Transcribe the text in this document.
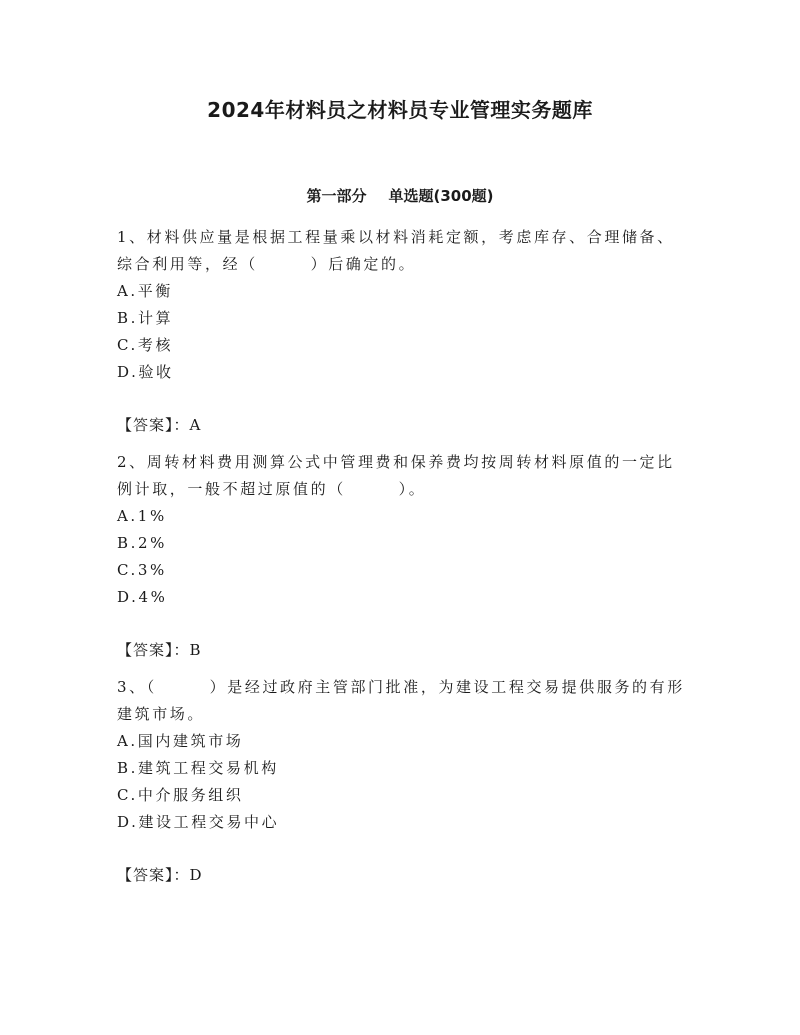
2024年材料员之材料员专业管理实务题库
第一部分 单选题(300题)

1、材料供应量是根据工程量乘以材料消耗定额，考虑库存、合理储备、综合利用等，经（　　　）后确定的。

A.平衡

B.计算

C.考核

D.验收

【答案】：A

2、周转材料费用测算公式中管理费和保养费均按周转材料原值的一定比例计取，一般不超过原值的（　　　）。

A.1%

B.2%

C.3%

D.4%

【答案】：B

3、（　　　）是经过政府主管部门批准，为建设工程交易提供服务的有形建筑市场。

A.国内建筑市场

B.建筑工程交易机构

C.中介服务组织

D.建设工程交易中心

【答案】：D
